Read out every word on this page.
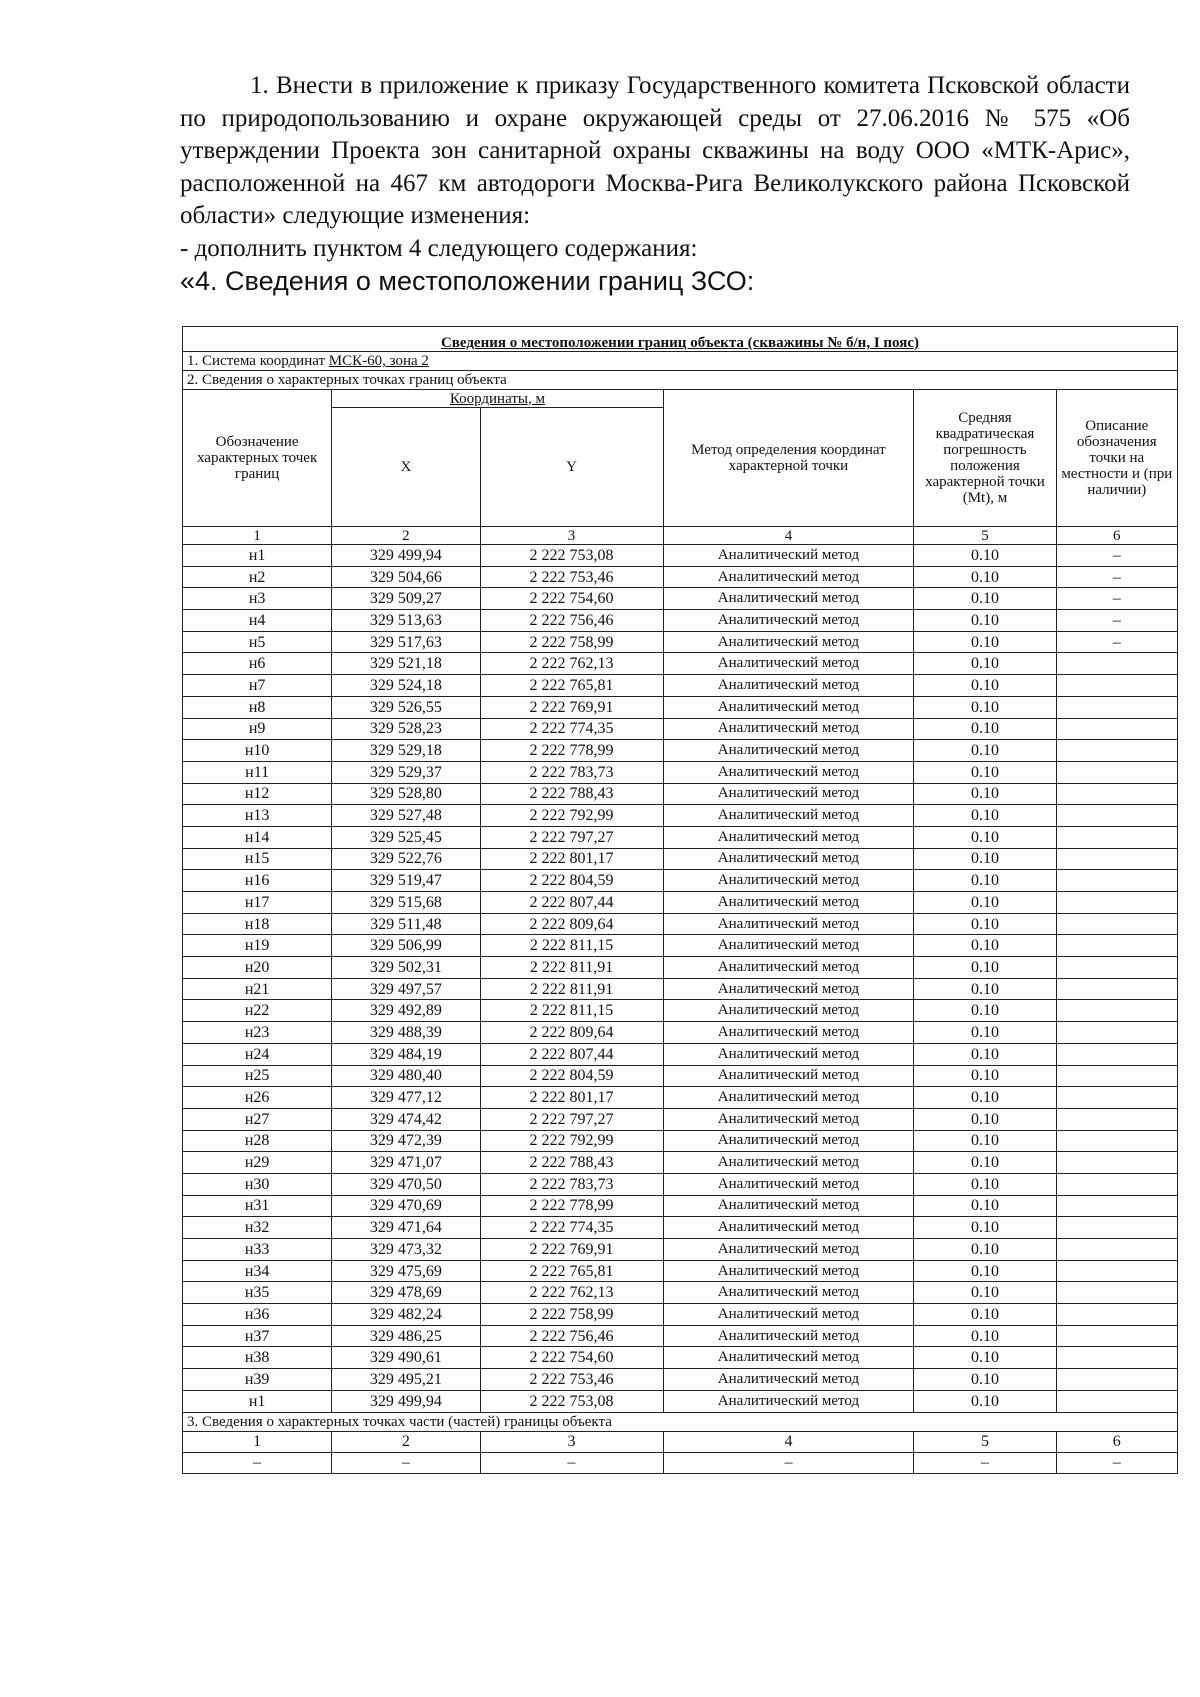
1. Внести в приложение к приказу Государственного комитета Псковской области по природопользованию и охране окружающей среды от 27.06.2016 № 575 «Об утверждении Проекта зон санитарной охраны скважины на воду ООО «МТК-Арис», расположенной на 467 км автодороги Москва-Рига Великолукского района Псковской области» следующие изменения:

- дополнить пунктом 4 следующего содержания:

«4. Сведения о местоположении границ ЗСО:

Сведения о местоположении границ объекта (скважины № б/н, I пояс)					
1. Система координат МСК-60, зона 2					
2. Сведения о характерных точках границ объекта					
Обозначение характерных точек границ	Координаты, м		Метод определения координат характерной точки	Средняя квадратическая погрешность положения характерной точки (Mt), м	Описание обозначения точки на местности и (при наличии)
	X	Y			
1	2	3	4	5	6
н1	329 499,94	2 222 753,08	Аналитический метод	0.10	–
н2	329 504,66	2 222 753,46	Аналитический метод	0.10	–
н3	329 509,27	2 222 754,60	Аналитический метод	0.10	–
н4	329 513,63	2 222 756,46	Аналитический метод	0.10	–
н5	329 517,63	2 222 758,99	Аналитический метод	0.10	–
н6	329 521,18	2 222 762,13	Аналитический метод	0.10	
н7	329 524,18	2 222 765,81	Аналитический метод	0.10	
н8	329 526,55	2 222 769,91	Аналитический метод	0.10	
н9	329 528,23	2 222 774,35	Аналитический метод	0.10	
н10	329 529,18	2 222 778,99	Аналитический метод	0.10	
н11	329 529,37	2 222 783,73	Аналитический метод	0.10	
н12	329 528,80	2 222 788,43	Аналитический метод	0.10	
н13	329 527,48	2 222 792,99	Аналитический метод	0.10	
н14	329 525,45	2 222 797,27	Аналитический метод	0.10	
н15	329 522,76	2 222 801,17	Аналитический метод	0.10	
н16	329 519,47	2 222 804,59	Аналитический метод	0.10	
н17	329 515,68	2 222 807,44	Аналитический метод	0.10	
н18	329 511,48	2 222 809,64	Аналитический метод	0.10	
н19	329 506,99	2 222 811,15	Аналитический метод	0.10	
н20	329 502,31	2 222 811,91	Аналитический метод	0.10	
н21	329 497,57	2 222 811,91	Аналитический метод	0.10	
н22	329 492,89	2 222 811,15	Аналитический метод	0.10	
н23	329 488,39	2 222 809,64	Аналитический метод	0.10	
н24	329 484,19	2 222 807,44	Аналитический метод	0.10	
н25	329 480,40	2 222 804,59	Аналитический метод	0.10	
н26	329 477,12	2 222 801,17	Аналитический метод	0.10	
н27	329 474,42	2 222 797,27	Аналитический метод	0.10	
н28	329 472,39	2 222 792,99	Аналитический метод	0.10	
н29	329 471,07	2 222 788,43	Аналитический метод	0.10	
н30	329 470,50	2 222 783,73	Аналитический метод	0.10	
н31	329 470,69	2 222 778,99	Аналитический метод	0.10	
н32	329 471,64	2 222 774,35	Аналитический метод	0.10	
н33	329 473,32	2 222 769,91	Аналитический метод	0.10	
н34	329 475,69	2 222 765,81	Аналитический метод	0.10	
н35	329 478,69	2 222 762,13	Аналитический метод	0.10	
н36	329 482,24	2 222 758,99	Аналитический метод	0.10	
н37	329 486,25	2 222 756,46	Аналитический метод	0.10	
н38	329 490,61	2 222 754,60	Аналитический метод	0.10	
н39	329 495,21	2 222 753,46	Аналитический метод	0.10	
н1	329 499,94	2 222 753,08	Аналитический метод	0.10	
3. Сведения о характерных точках части (частей) границы объекта					
1	2	3	4	5	6
–	–	–	–	–	–
